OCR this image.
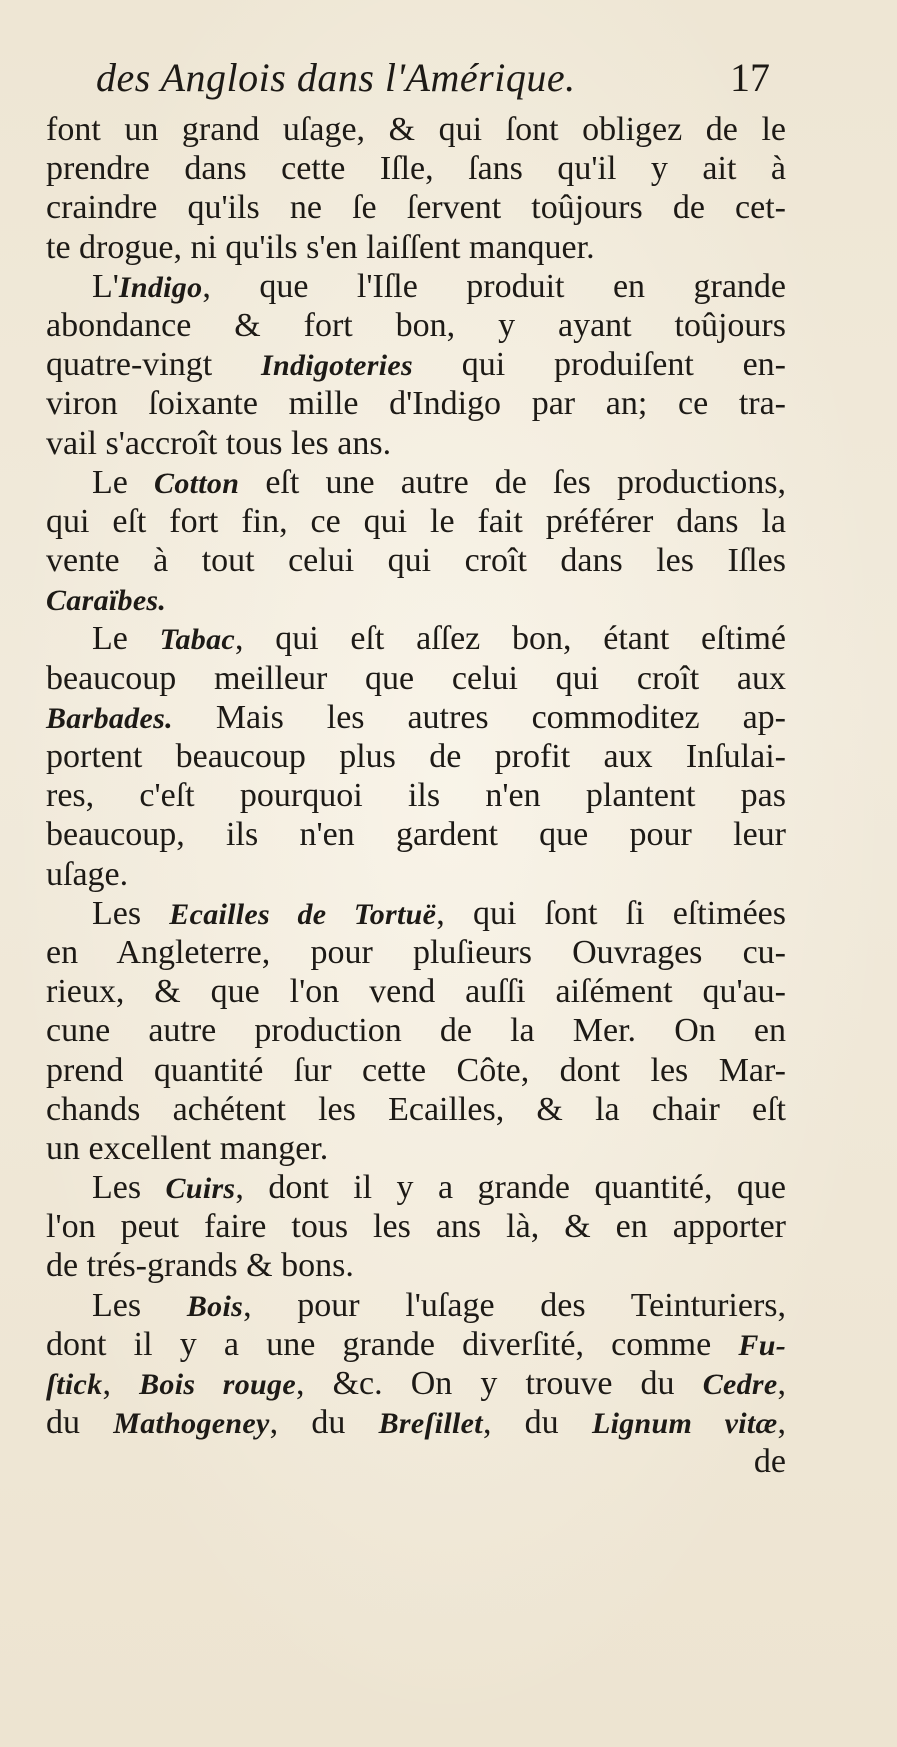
des Anglois dans l'Amérique.	17
font un grand uſage, & qui ſont obligez de le
prendre dans cette Iſle, ſans qu'il y ait à
craindre qu'ils ne ſe ſervent toûjours de cet-
te drogue, ni qu'ils s'en laiſſent manquer.
L'Indigo, que l'Iſle produit en grande
abondance & fort bon, y ayant toûjours
quatre-vingt Indigoteries qui produiſent en-
viron ſoixante mille d'Indigo par an; ce tra-
vail s'accroît tous les ans.
Le Cotton eſt une autre de ſes productions,
qui eſt fort fin, ce qui le fait préférer dans la
vente à tout celui qui croît dans les Iſles
Caraïbes.
Le Tabac, qui eſt aſſez bon, étant eſtimé
beaucoup meilleur que celui qui croît aux
Barbades. Mais les autres commoditez ap-
portent beaucoup plus de profit aux Inſulai-
res, c'eſt pourquoi ils n'en plantent pas
beaucoup, ils n'en gardent que pour leur
uſage.
Les Ecailles de Tortuë, qui ſont ſi eſtimées
en Angleterre, pour pluſieurs Ouvrages cu-
rieux, & que l'on vend auſſi aiſément qu'au-
cune autre production de la Mer. On en
prend quantité ſur cette Côte, dont les Mar-
chands achétent les Ecailles, & la chair eſt
un excellent manger.
Les Cuirs, dont il y a grande quantité, que
l'on peut faire tous les ans là, & en apporter
de trés-grands & bons.
Les Bois, pour l'uſage des Teinturiers,
dont il y a une grande diverſité, comme Fu-
ſtick, Bois rouge, &c. On y trouve du Cedre,
du Mathogeney, du Breſillet, du Lignum vitæ,
de
